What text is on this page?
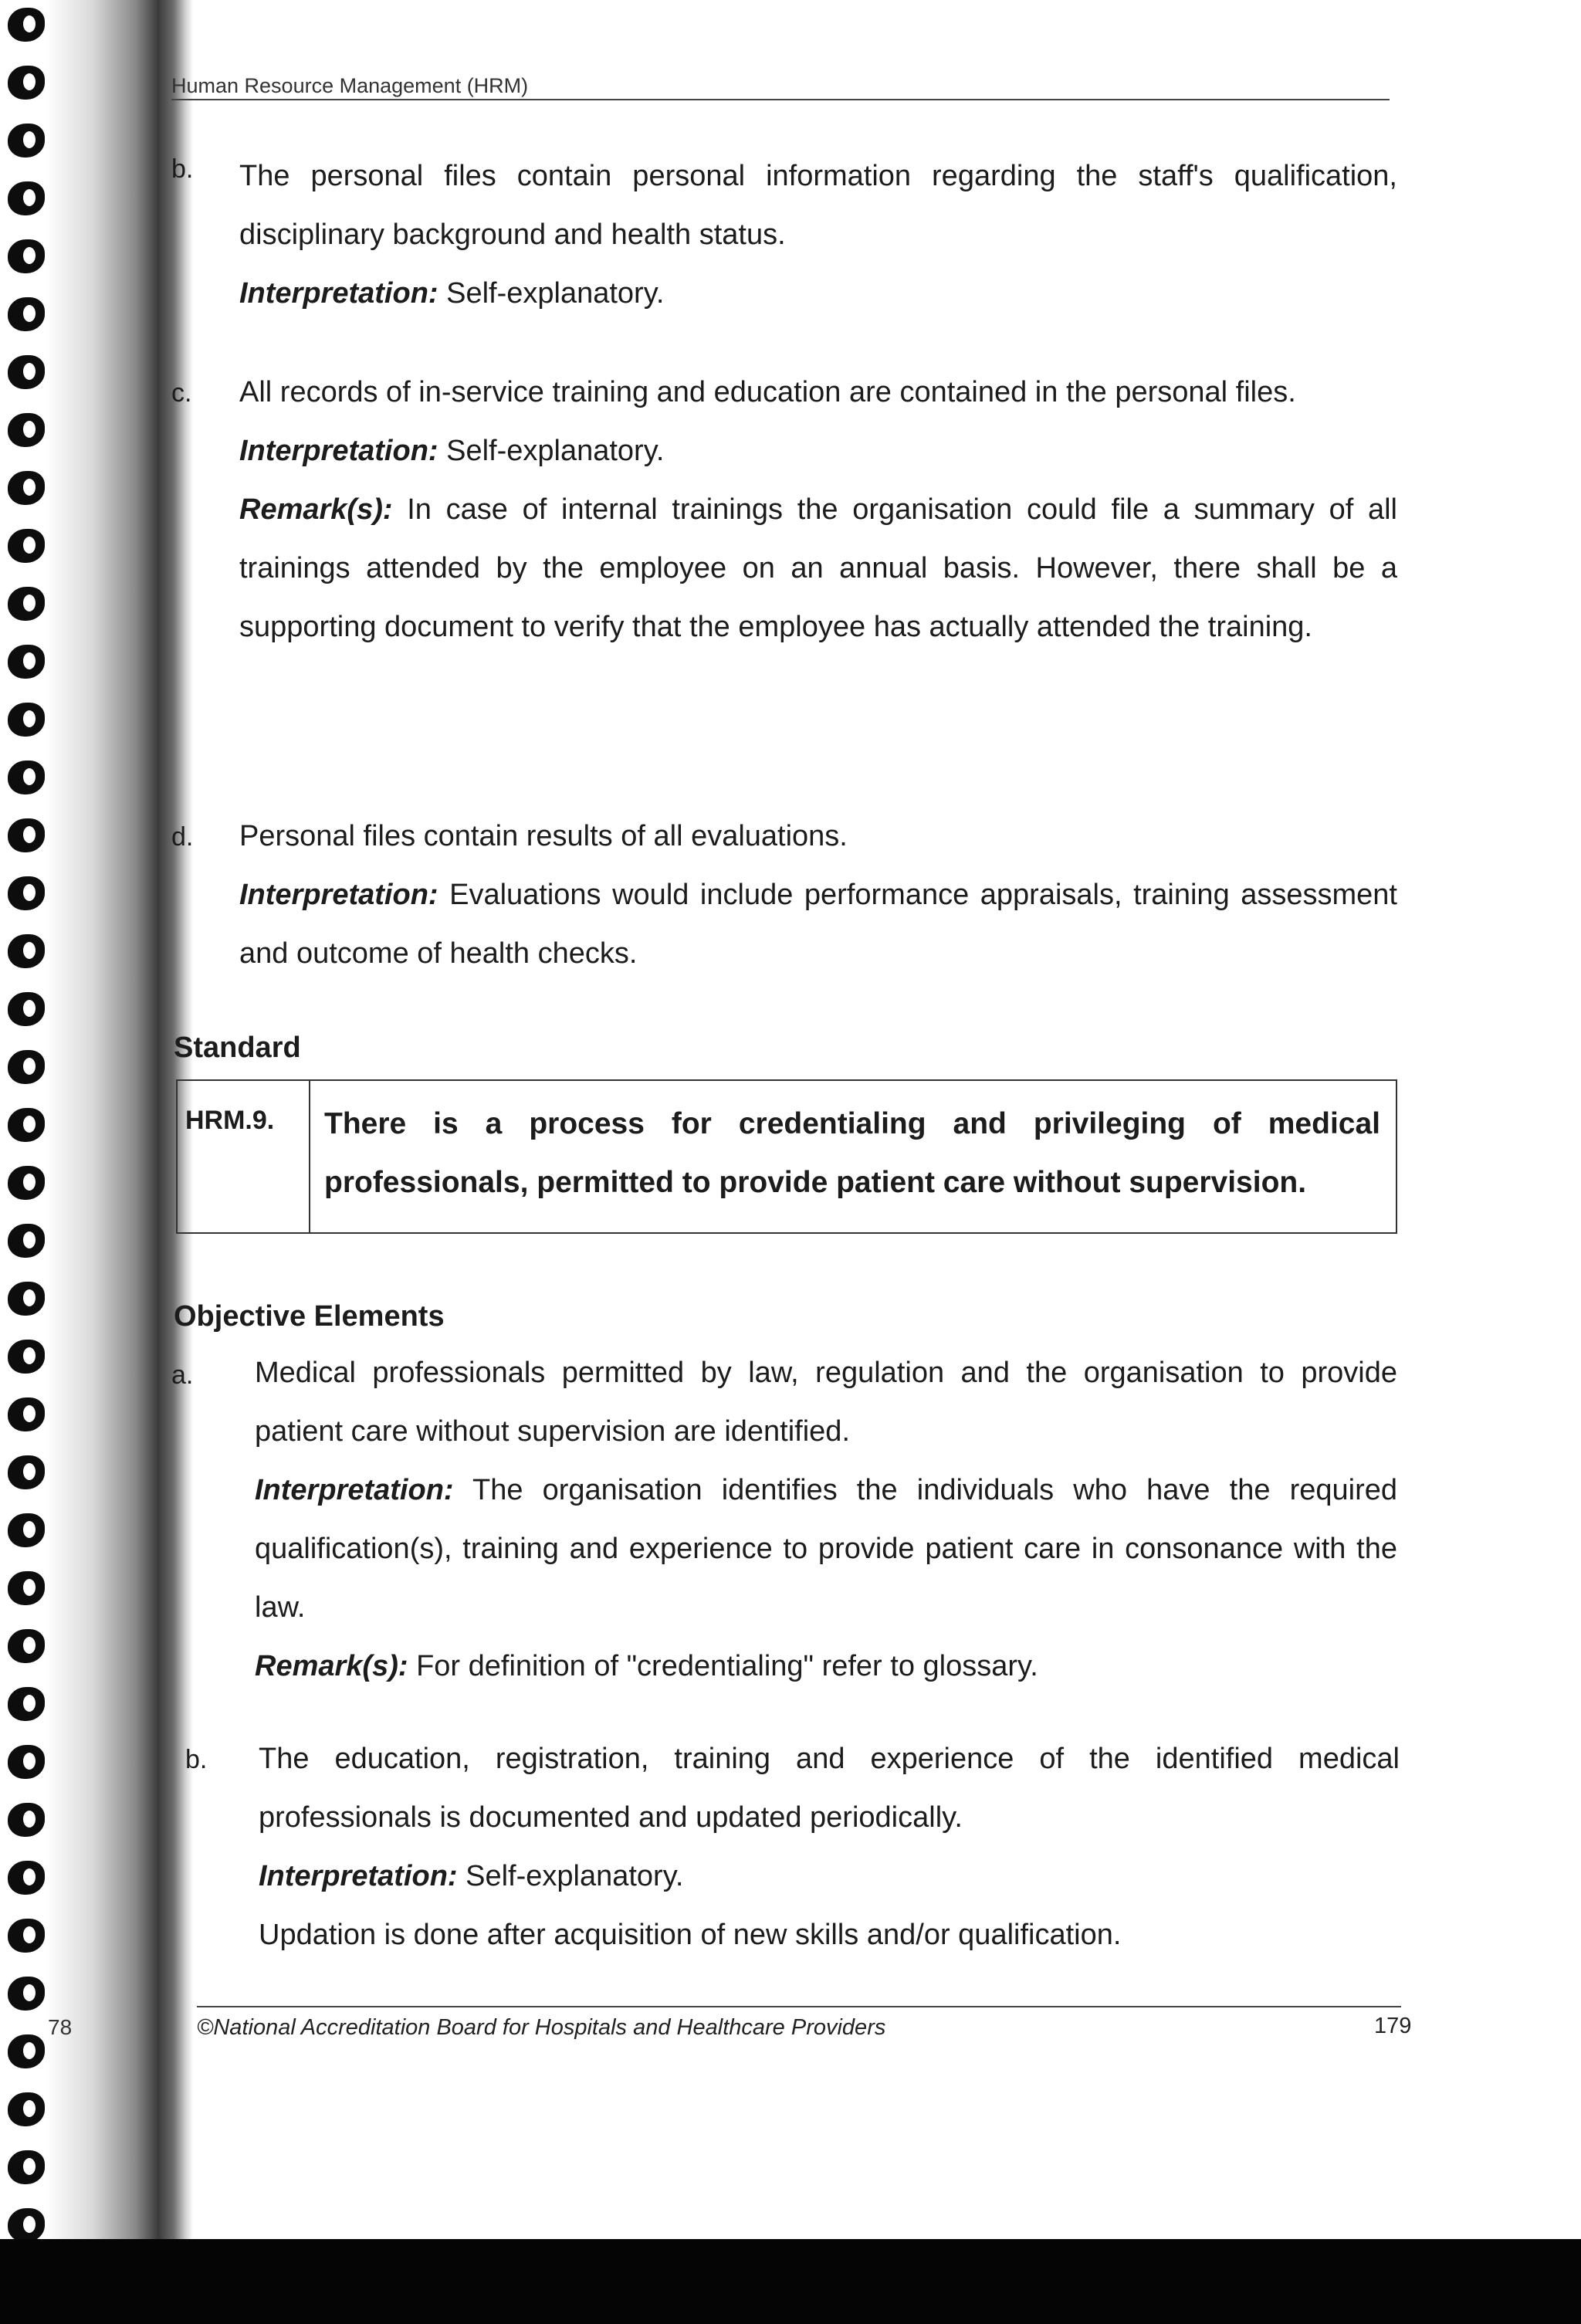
Human Resource Management (HRM)
b. The personal files contain personal information regarding the staff's qualification, disciplinary background and health status.
Interpretation: Self-explanatory.
c. All records of in-service training and education are contained in the personal files.
Interpretation: Self-explanatory.
Remark(s): In case of internal trainings the organisation could file a summary of all trainings attended by the employee on an annual basis. However, there shall be a supporting document to verify that the employee has actually attended the training.
d. Personal files contain results of all evaluations.
Interpretation: Evaluations would include performance appraisals, training assessment and outcome of health checks.
Standard
HRM.9.	There is a process for credentialing and privileging of medical professionals, permitted to provide patient care without supervision.
Objective Elements
a. Medical professionals permitted by law, regulation and the organisation to provide patient care without supervision are identified.
Interpretation: The organisation identifies the individuals who have the required qualification(s), training and experience to provide patient care in consonance with the law.
Remark(s): For definition of "credentialing" refer to glossary.
b. The education, registration, training and experience of the identified medical professionals is documented and updated periodically.
Interpretation: Self-explanatory.
Updation is done after acquisition of new skills and/or qualification.
©National Accreditation Board for Hospitals and Healthcare Providers	179
78
